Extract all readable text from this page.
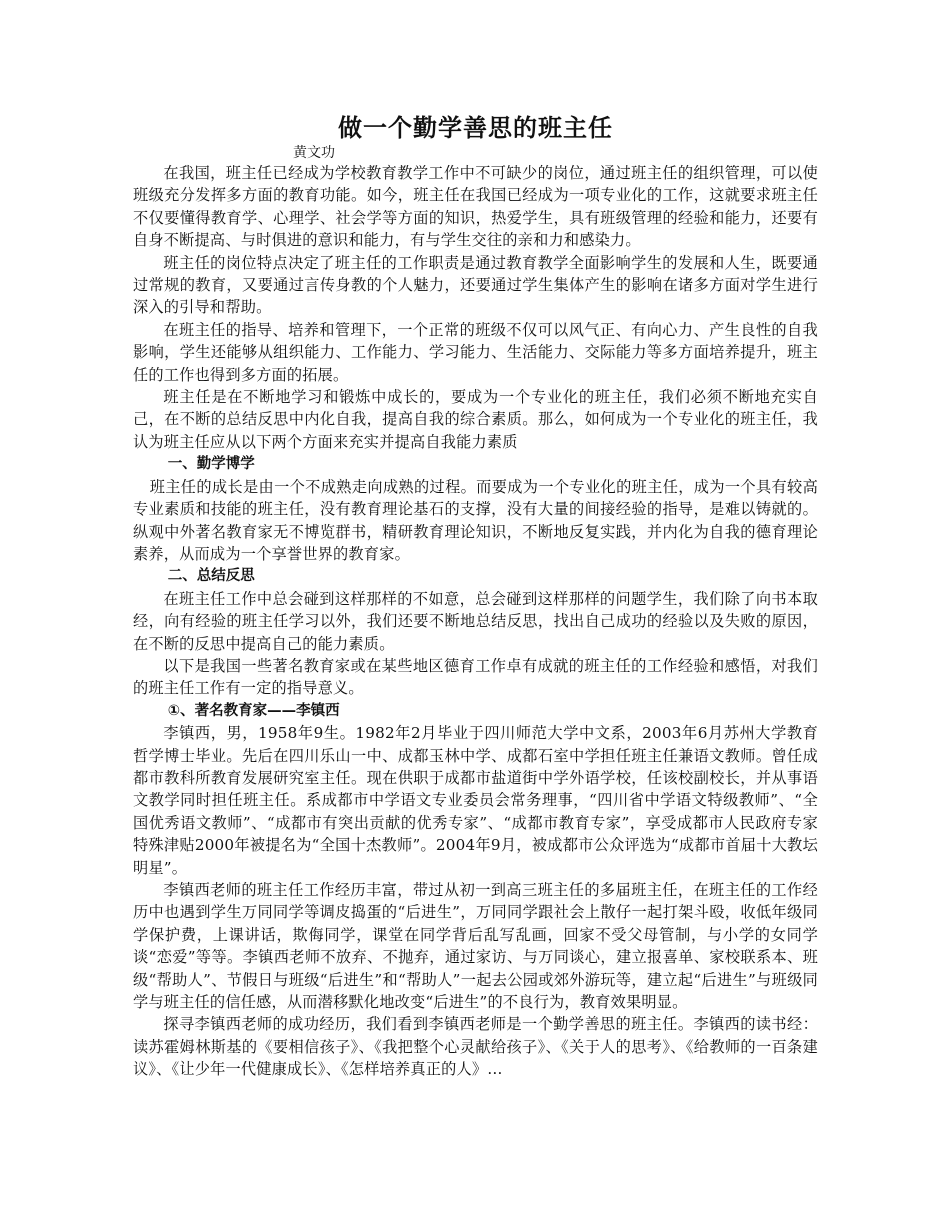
做一个勤学善思的班主任
黄文功

在我国，班主任已经成为学校教育教学工作中不可缺少的岗位，通过班主任的组织管理，可以使班级充分发挥多方面的教育功能。如今，班主任在我国已经成为一项专业化的工作，这就要求班主任不仅要懂得教育学、心理学、社会学等方面的知识，热爱学生，具有班级管理的经验和能力，还要有自身不断提高、与时俱进的意识和能力，有与学生交往的亲和力和感染力。

班主任的岗位特点决定了班主任的工作职责是通过教育教学全面影响学生的发展和人生，既要通过常规的教育，又要通过言传身教的个人魅力，还要通过学生集体产生的影响在诸多方面对学生进行深入的引导和帮助。

在班主任的指导、培养和管理下，一个正常的班级不仅可以风气正、有向心力、产生良性的自我影响，学生还能够从组织能力、工作能力、学习能力、生活能力、交际能力等多方面培养提升，班主任的工作也得到多方面的拓展。

班主任是在不断地学习和锻炼中成长的，要成为一个专业化的班主任，我们必须不断地充实自己，在不断的总结反思中内化自我，提高自我的综合素质。那么，如何成为一个专业化的班主任，我认为班主任应从以下两个方面来充实并提高自我能力素质

一、勤学博学

班主任的成长是由一个不成熟走向成熟的过程。而要成为一个专业化的班主任，成为一个具有较高专业素质和技能的班主任，没有教育理论基石的支撑，没有大量的间接经验的指导，是难以铸就的。纵观中外著名教育家无不博览群书，精研教育理论知识，不断地反复实践，并内化为自我的德育理论素养，从而成为一个享誉世界的教育家。

二、总结反思

在班主任工作中总会碰到这样那样的不如意，总会碰到这样那样的问题学生，我们除了向书本取经，向有经验的班主任学习以外，我们还要不断地总结反思，找出自己成功的经验以及失败的原因，在不断的反思中提高自己的能力素质。

以下是我国一些著名教育家或在某些地区德育工作卓有成就的班主任的工作经验和感悟，对我们的班主任工作有一定的指导意义。

①、著名教育家——李镇西

李镇西，男，1958年9生。1982年2月毕业于四川师范大学中文系，2003年6月苏州大学教育哲学博士毕业。先后在四川乐山一中、成都玉林中学、成都石室中学担任班主任兼语文教师。曾任成都市教科所教育发展研究室主任。现在供职于成都市盐道街中学外语学校，任该校副校长，并从事语文教学同时担任班主任。系成都市中学语文专业委员会常务理事，“四川省中学语文特级教师”、“全国优秀语文教师”、“成都市有突出贡献的优秀专家”、“成都市教育专家”，享受成都市人民政府专家特殊津贴2000年被提名为“全国十杰教师”。2004年9月，被成都市公众评选为“成都市首届十大教坛明星”。

李镇西老师的班主任工作经历丰富，带过从初一到高三班主任的多届班主任，在班主任的工作经历中也遇到学生万同同学等调皮捣蛋的“后进生”，万同同学跟社会上散仔一起打架斗殴，收低年级同学保护费，上课讲话，欺侮同学，课堂在同学背后乱写乱画，回家不受父母管制，与小学的女同学谈“恋爱”等等。李镇西老师不放弃、不抛弃，通过家访、与万同谈心，建立报喜单、家校联系本、班级“帮助人”、节假日与班级“后进生”和“帮助人”一起去公园或郊外游玩等，建立起“后进生”与班级同学与班主任的信任感，从而潜移默化地改变“后进生”的不良行为，教育效果明显。

探寻李镇西老师的成功经历，我们看到李镇西老师是一个勤学善思的班主任。李镇西的读书经：读苏霍姆林斯基的《要相信孩子》、《我把整个心灵献给孩子》、《关于人的思考》、《给教师的一百条建议》、《让少年一代健康成长》、《怎样培养真正的人》…
